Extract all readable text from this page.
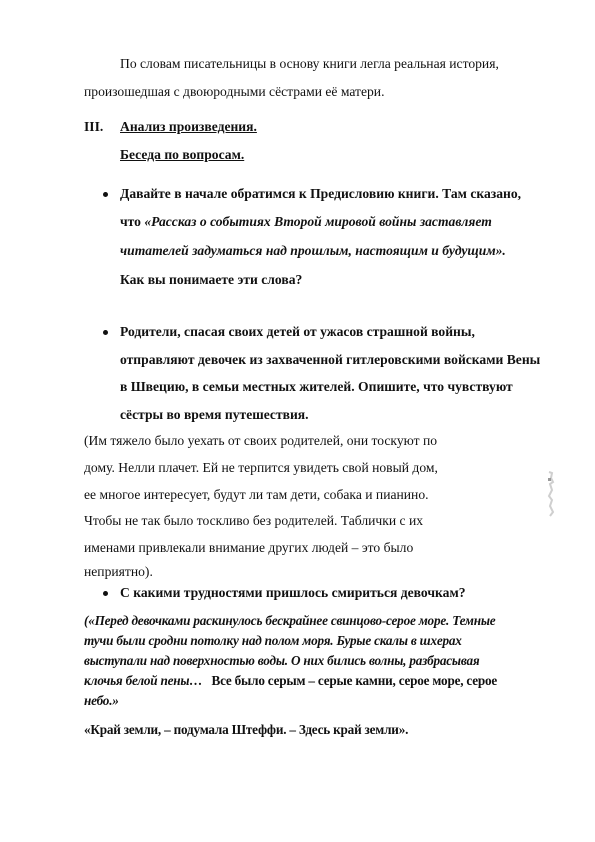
По словам писательницы в основу книги легла реальная история,
произошедшая с двоюродными сёстрами её матери.
III. Анализ произведения.
Беседа по вопросам.
Давайте в начале обратимся к Предисловию книги. Там сказано,
что «Рассказ о событиях Второй мировой войны заставляет
читателей задуматься над прошлым, настоящим и будущим».
Как вы понимаете эти слова?
Родители, спасая своих детей от ужасов страшной войны,
отправляют девочек из захваченной гитлеровскими войсками Вены
в Швецию, в семьи местных жителей. Опишите, что чувствуют
сёстры во время путешествия.
(Им тяжело было уехать от своих родителей, они тоскуют по
дому. Нелли плачет. Ей не терпится увидеть свой новый дом,
ее многое интересует, будут ли там дети, собака и пианино.
Чтобы не так было тоскливо без родителей. Таблички с их
именами привлекали внимание других людей – это было
неприятно).
С какими трудностями пришлось смириться девочкам?
(«Перед девочками раскинулось бескрайнее свинцово-серое море. Темные
тучи были сродни потолку над полом моря. Бурые скалы в шхерах
выступали над поверхностью воды. О них бились волны, разбрасывая
клочья белой пены… Все было серым – серые камни, серое море, серое
небо.»
«Край земли, – подумала Штеффи. – Здесь край земли».
